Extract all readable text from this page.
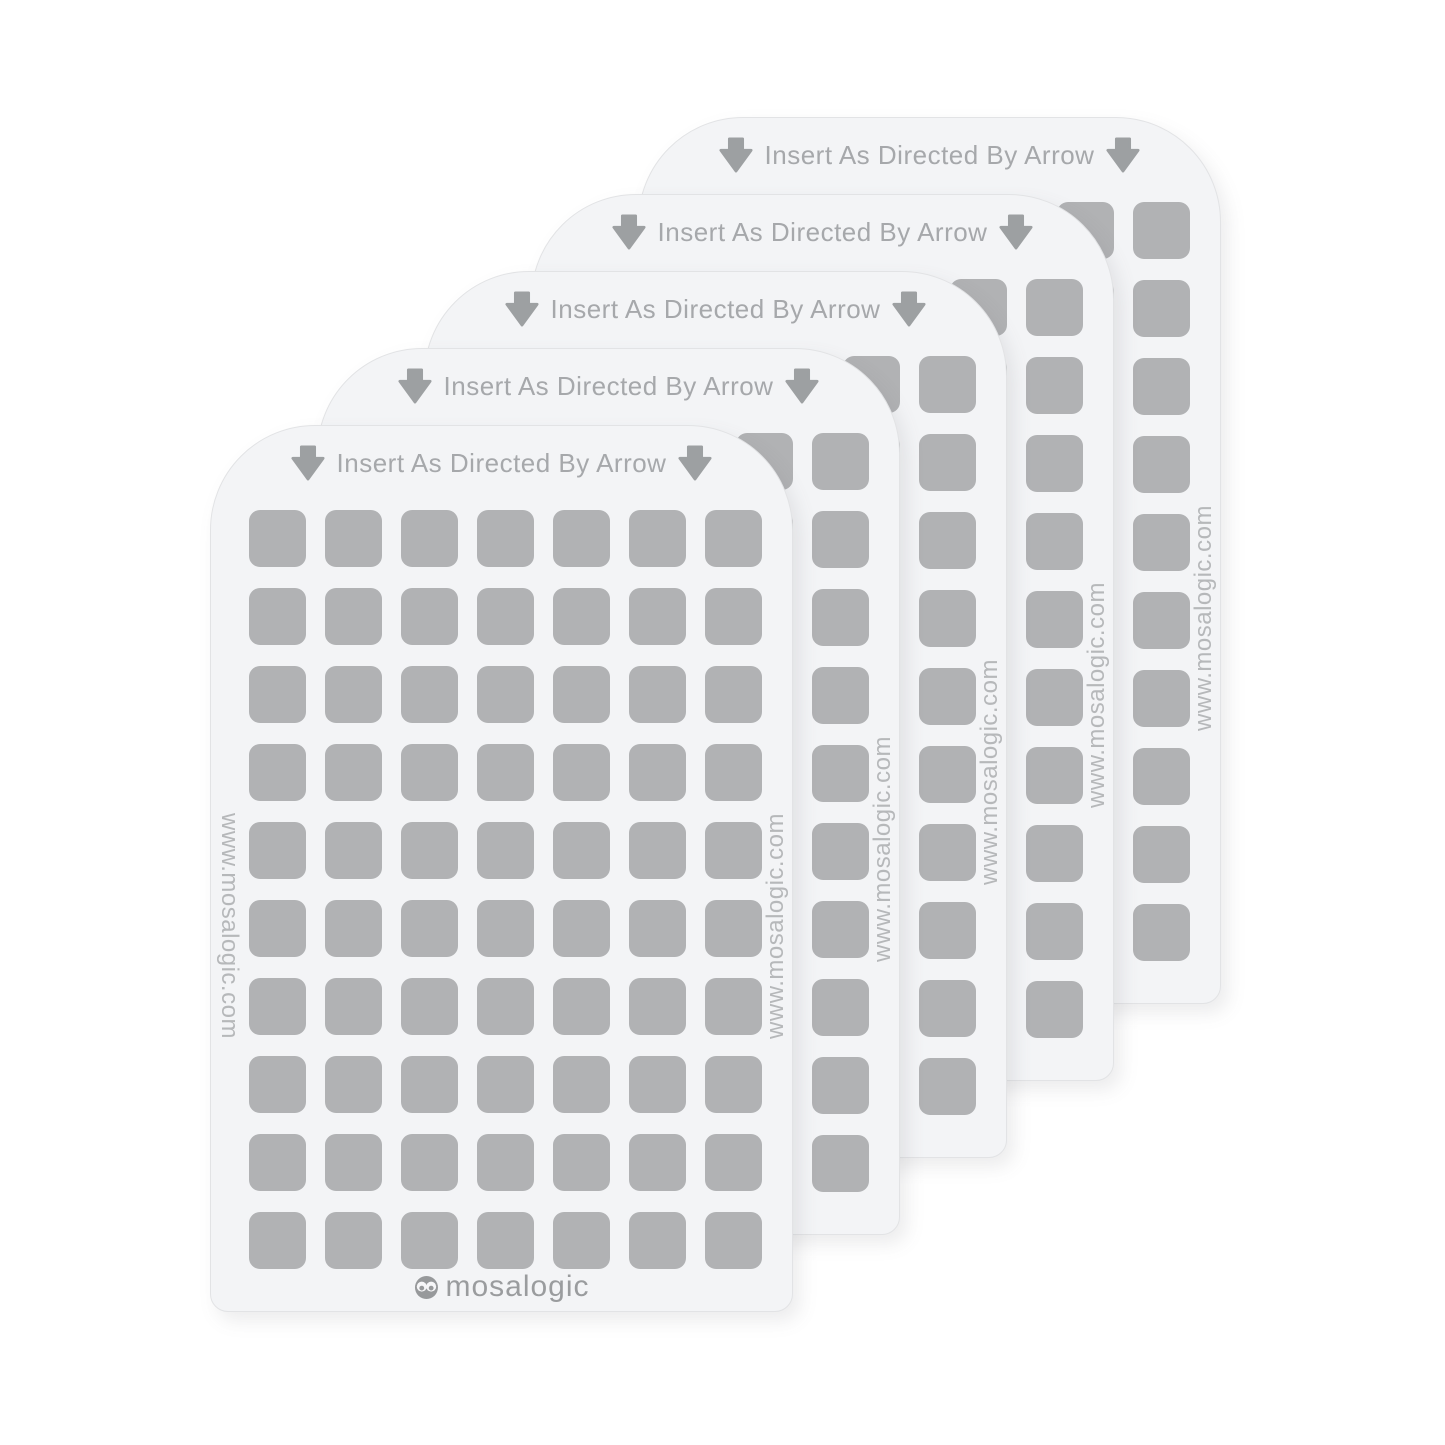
Insert As Directed By Arrow
www.mosalogic.com
Insert As Directed By Arrow
www.mosalogic.com
Insert As Directed By Arrow
www.mosalogic.com
Insert As Directed By Arrow
www.mosalogic.com
Insert As Directed By Arrow
www.mosalogic.com	www.mosalogic.com
mosalogic
